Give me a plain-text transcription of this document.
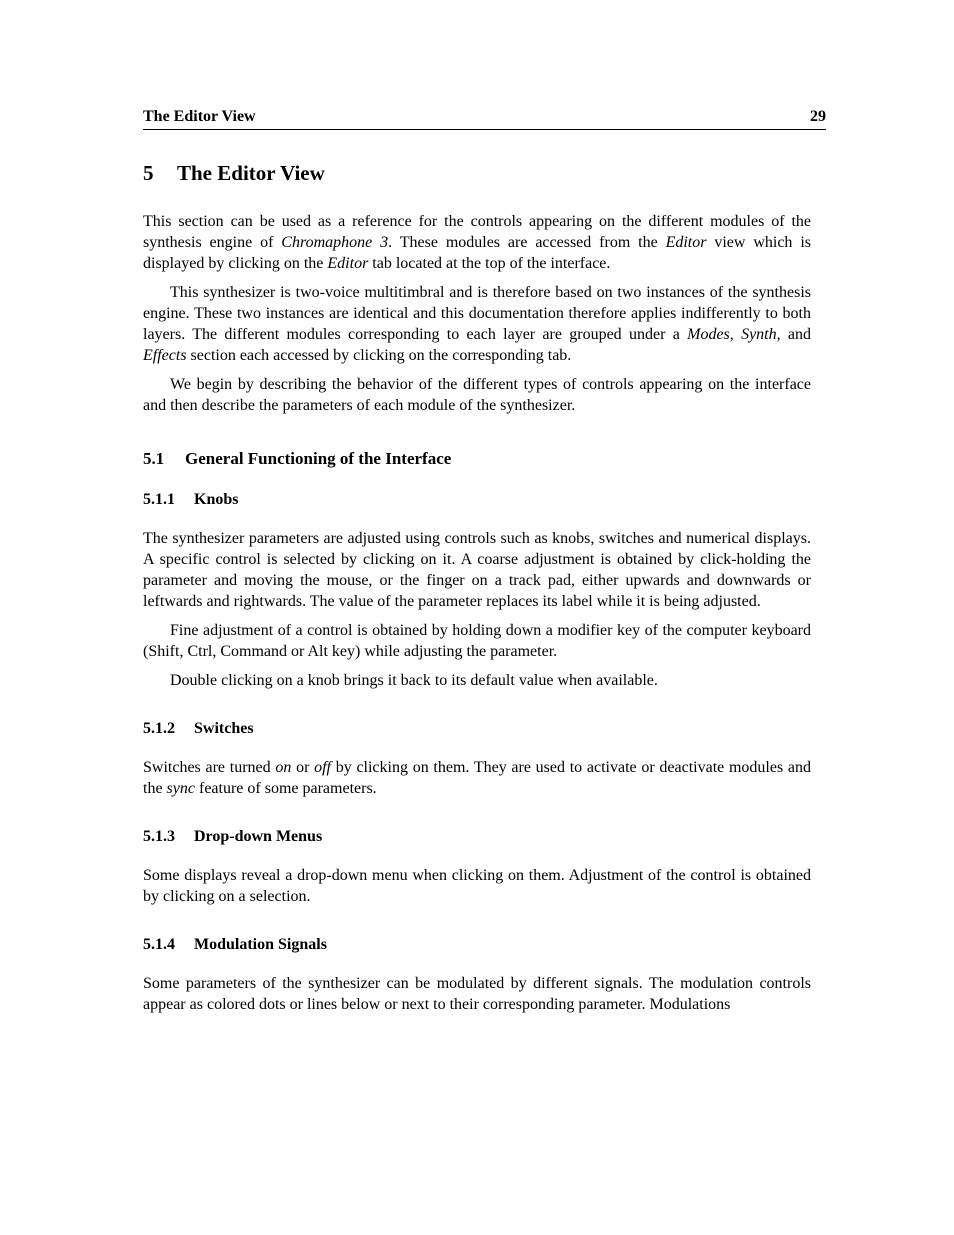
The Editor View	29
5 The Editor View

This section can be used as a reference for the controls appearing on the different modules of the synthesis engine of Chromaphone 3. These modules are accessed from the Editor view which is displayed by clicking on the Editor tab located at the top of the interface.

This synthesizer is two-voice multitimbral and is therefore based on two instances of the synthesis engine. These two instances are identical and this documentation therefore applies indifferently to both layers. The different modules corresponding to each layer are grouped under a Modes, Synth, and Effects section each accessed by clicking on the corresponding tab.

We begin by describing the behavior of the different types of controls appearing on the interface and then describe the parameters of each module of the synthesizer.

5.1 General Functioning of the Interface
5.1.1 Knobs

The synthesizer parameters are adjusted using controls such as knobs, switches and numerical displays. A specific control is selected by clicking on it. A coarse adjustment is obtained by click-holding the parameter and moving the mouse, or the finger on a track pad, either upwards and downwards or leftwards and rightwards. The value of the parameter replaces its label while it is being adjusted.

Fine adjustment of a control is obtained by holding down a modifier key of the computer keyboard (Shift, Ctrl, Command or Alt key) while adjusting the parameter.

Double clicking on a knob brings it back to its default value when available.

5.1.2 Switches

Switches are turned on or off by clicking on them. They are used to activate or deactivate modules and the sync feature of some parameters.

5.1.3 Drop-down Menus

Some displays reveal a drop-down menu when clicking on them. Adjustment of the control is obtained by clicking on a selection.

5.1.4 Modulation Signals

Some parameters of the synthesizer can be modulated by different signals. The modulation controls appear as colored dots or lines below or next to their corresponding parameter. Modulations
